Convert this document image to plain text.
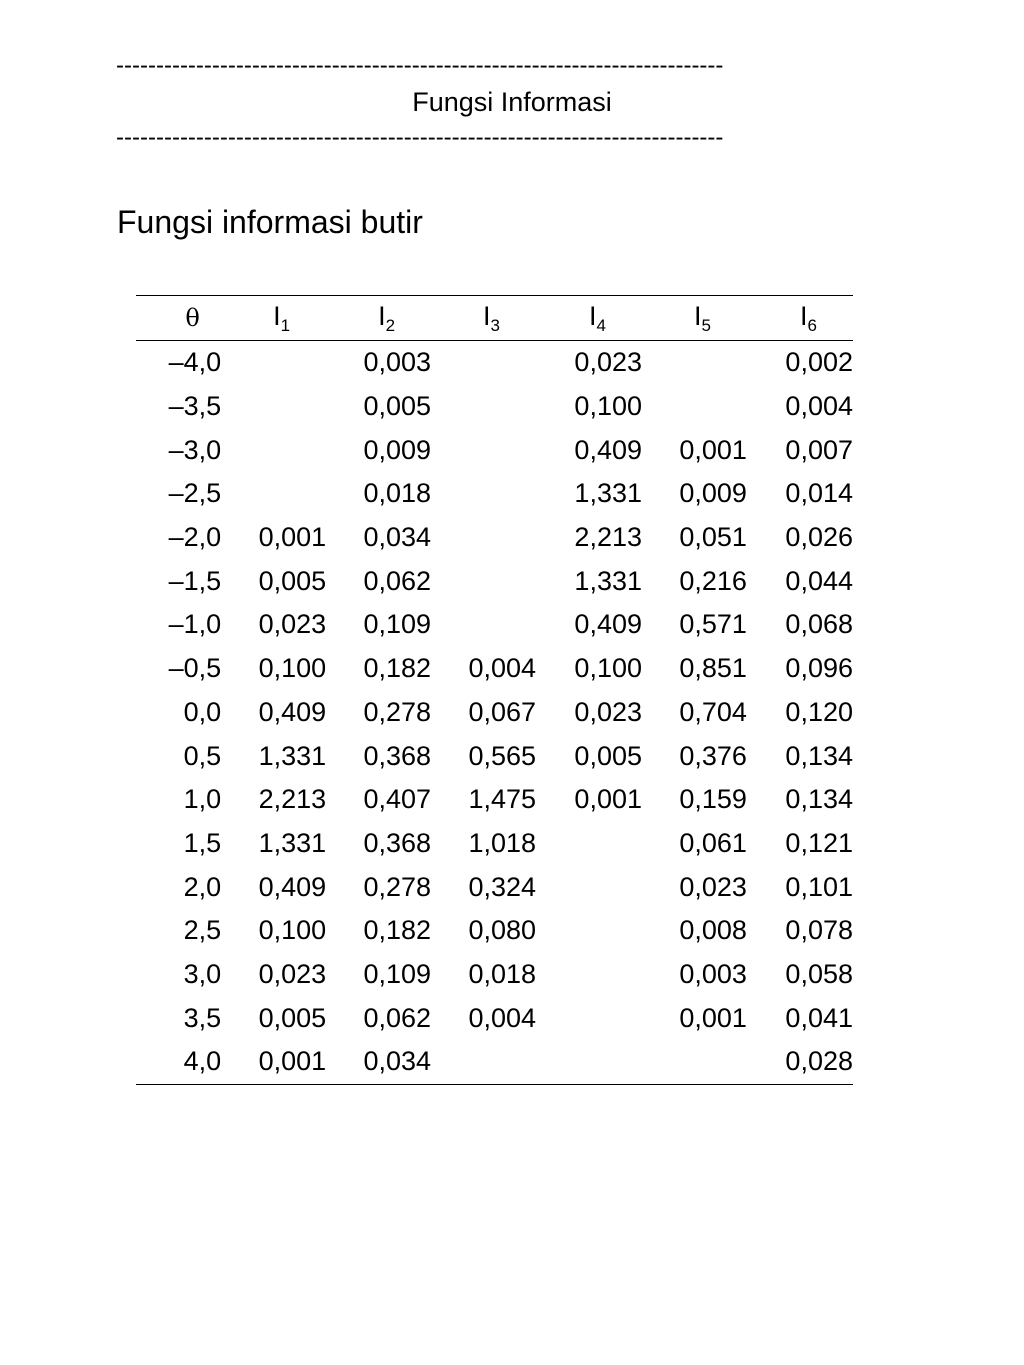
----------------------------------------------------------------------------
Fungsi Informasi
----------------------------------------------------------------------------
Fungsi informasi butir
θ	$I_1$	$I_2$	$I_3$	$I_4$	$I_5$	$I_6$
–4,0		0,003		0,023		0,002
–3,5		0,005		0,100		0,004
–3,0		0,009		0,409	0,001	0,007
–2,5		0,018		1,331	0,009	0,014
–2,0	0,001	0,034		2,213	0,051	0,026
–1,5	0,005	0,062		1,331	0,216	0,044
–1,0	0,023	0,109		0,409	0,571	0,068
–0,5	0,100	0,182	0,004	0,100	0,851	0,096
0,0	0,409	0,278	0,067	0,023	0,704	0,120
0,5	1,331	0,368	0,565	0,005	0,376	0,134
1,0	2,213	0,407	1,475	0,001	0,159	0,134
1,5	1,331	0,368	1,018		0,061	0,121
2,0	0,409	0,278	0,324		0,023	0,101
2,5	0,100	0,182	0,080		0,008	0,078
3,0	0,023	0,109	0,018		0,003	0,058
3,5	0,005	0,062	0,004		0,001	0,041
4,0	0,001	0,034				0,028
